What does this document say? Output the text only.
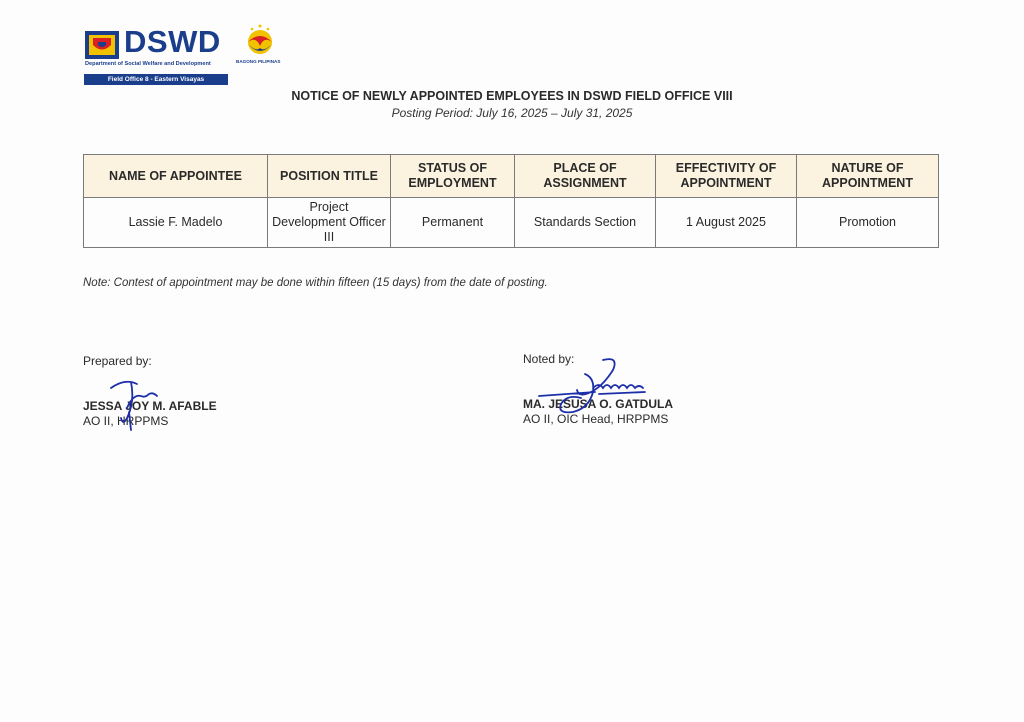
DSWD
Department of Social Welfare and Development	BAGONG PILIPINAS
Field Office 8 - Eastern Visayas
NOTICE OF NEWLY APPOINTED EMPLOYEES IN DSWD FIELD OFFICE VIII
Posting Period: July 16, 2025 – July 31, 2025
NAME OF APPOINTEE	POSITION TITLE	STATUS OF EMPLOYMENT	PLACE OF ASSIGNMENT	EFFECTIVITY OF APPOINTMENT	NATURE OF APPOINTMENT
Lassie F. Madelo	Project Development Officer III	Permanent	Standards Section	1 August 2025	Promotion
Note: Contest of appointment may be done within fifteen (15 days) from the date of posting.
Prepared by:
JESSA JOY M. AFABLE
AO II, HRPPMS
Noted by:
MA. JESUSA O. GATDULA
AO II, OIC Head, HRPPMS
